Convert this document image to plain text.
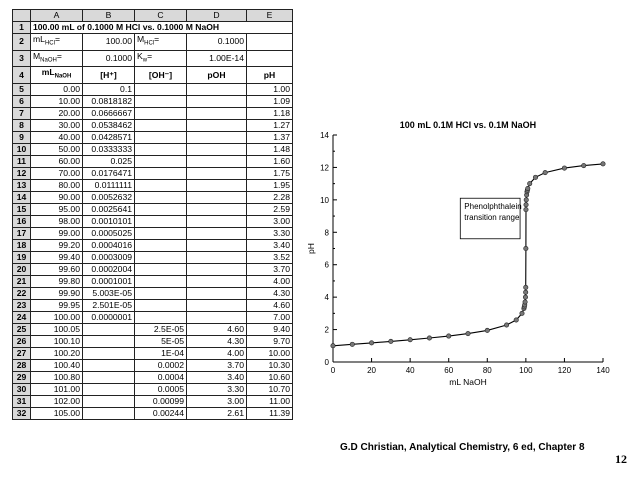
	A	B	C	D	E
1	100.00 mL of 0.1000 M HCl vs. 0.1000 M NaOH				
2	$mL_{HCl}=$	100.00	$M_{HCl}=$	0.1000	
3	$M_{NaOH}=$	0.1000	$K_w=$	1.00E-14	
4	$mL_{NaOH}$	[H⁺]	[OH⁻]	pOH	pH
5	0.00	0.1			1.00
6	10.00	0.0818182			1.09
7	20.00	0.0666667			1.18
8	30.00	0.0538462			1.27
9	40.00	0.0428571			1.37
10	50.00	0.0333333			1.48
11	60.00	0.025			1.60
12	70.00	0.0176471			1.75
13	80.00	0.0111111			1.95
14	90.00	0.0052632			2.28
15	95.00	0.0025641			2.59
16	98.00	0.0010101			3.00
17	99.00	0.0005025			3.30
18	99.20	0.0004016			3.40
19	99.40	0.0003009			3.52
20	99.60	0.0002004			3.70
21	99.80	0.0001001			4.00
22	99.90	5.003E-05			4.30
23	99.95	2.501E-05			4.60
24	100.00	0.0000001			7.00
25	100.05		2.5E-05	4.60	9.40
26	100.10		5E-05	4.30	9.70
27	100.20		1E-04	4.00	10.00
28	100.40		0.0002	3.70	10.30
29	100.80		0.0004	3.40	10.60
30	101.00		0.0005	3.30	10.70
31	102.00		0.00099	3.00	11.00
32	105.00		0.00244	2.61	11.39
100 mL 0.1M HCl vs. 0.1M NaOH
0	20	40	60	80	100	120	140
0
2
4
6
8
10
12
14
mL NaOH
pH
Phenolphthalein
transition range
G.D Christian, Analytical Chemistry, 6 ed, Chapter 8
12
